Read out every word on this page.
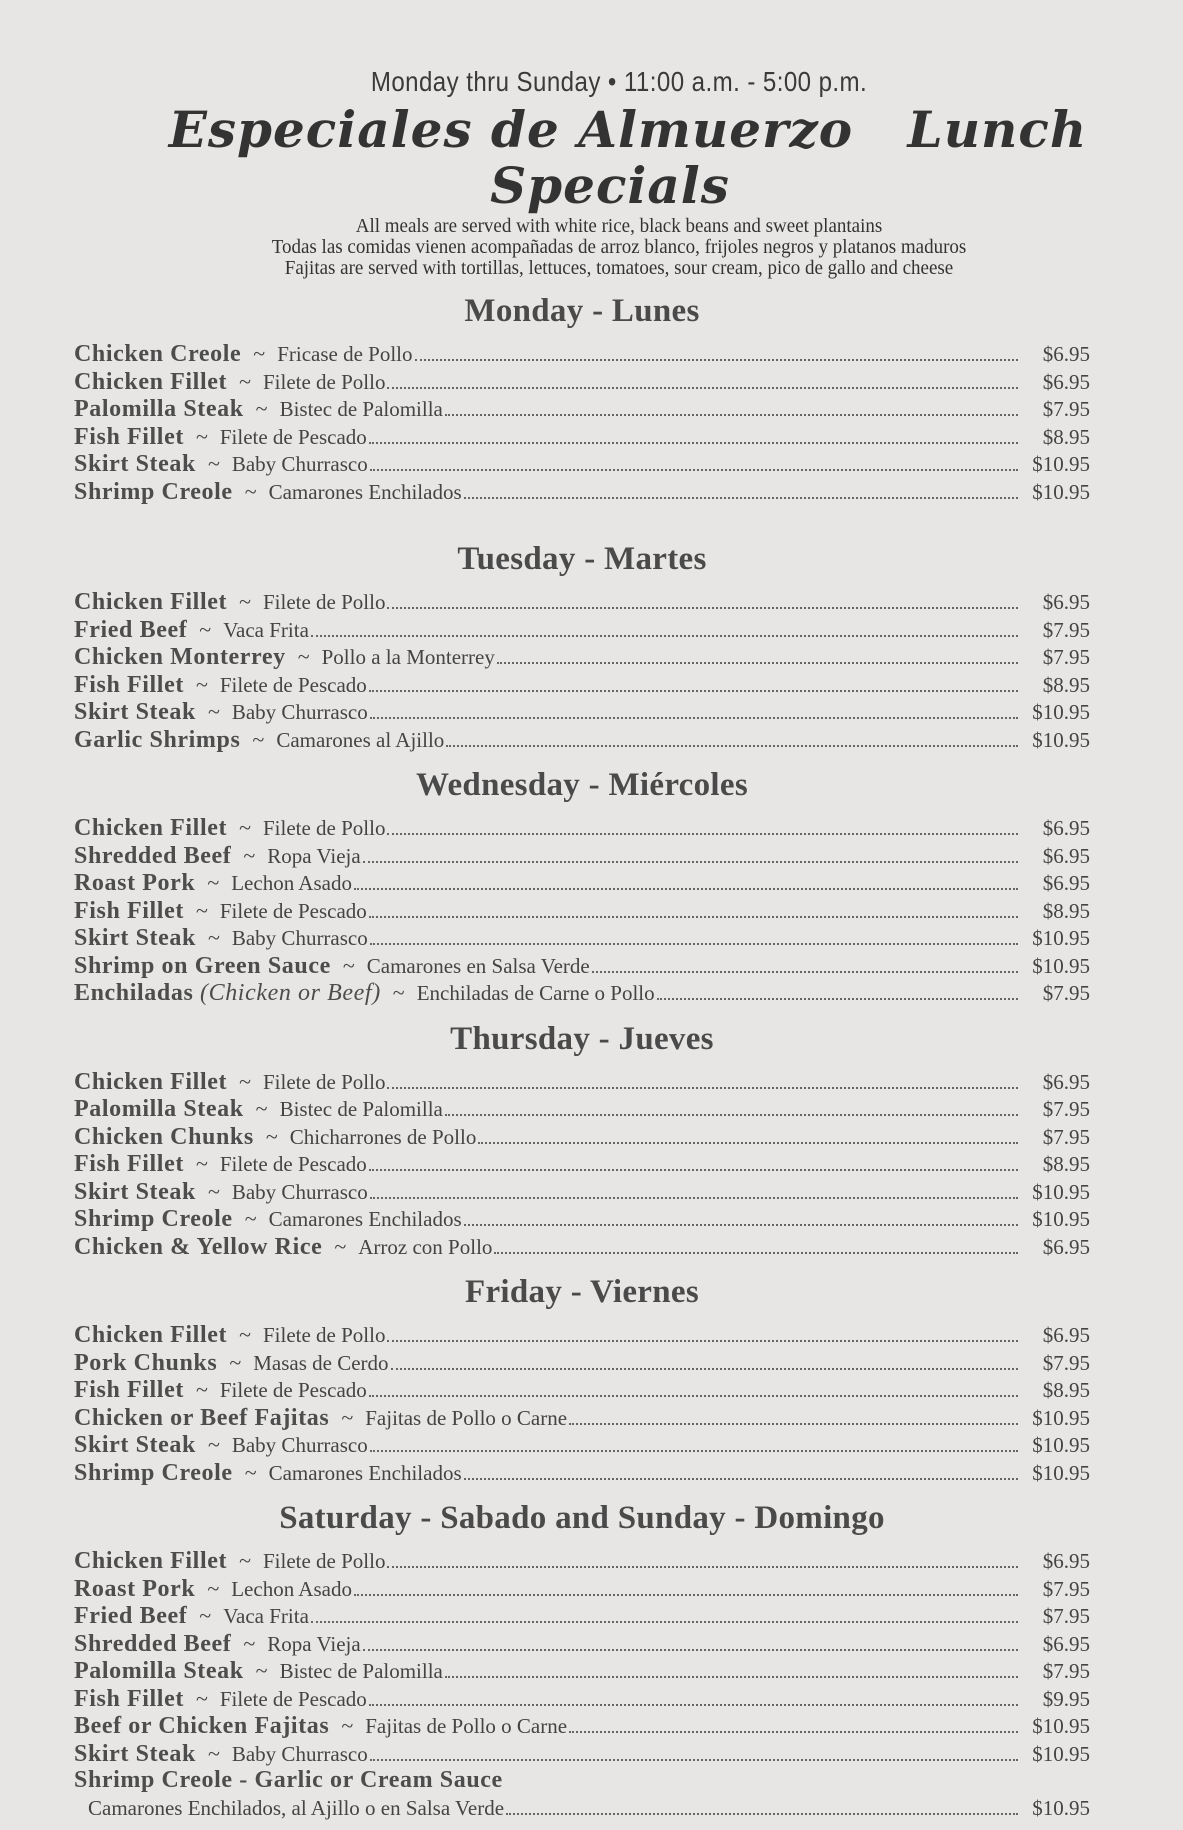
Monday thru Sunday • 11:00 a.m. - 5:00 p.m.
Especiales de Almuerzo Lunch Specials
All meals are served with white rice, black beans and sweet plantains
Todas las comidas vienen acompañadas de arroz blanco, frijoles negros y platanos maduros
Fajitas are served with tortillas, lettuces, tomatoes, sour cream, pico de gallo and cheese
Monday - Lunes
Chicken Creole ~ Fricase de Pollo	$6.95
Chicken Fillet ~ Filete de Pollo	$6.95
Palomilla Steak ~ Bistec de Palomilla	$7.95
Fish Fillet ~ Filete de Pescado	$8.95
Skirt Steak ~ Baby Churrasco	$10.95
Shrimp Creole ~ Camarones Enchilados	$10.95
Tuesday - Martes
Chicken Fillet ~ Filete de Pollo	$6.95
Fried Beef ~ Vaca Frita	$7.95
Chicken Monterrey ~ Pollo a la Monterrey	$7.95
Fish Fillet ~ Filete de Pescado	$8.95
Skirt Steak ~ Baby Churrasco	$10.95
Garlic Shrimps ~ Camarones al Ajillo	$10.95
Wednesday - Miércoles
Chicken Fillet ~ Filete de Pollo	$6.95
Shredded Beef ~ Ropa Vieja	$6.95
Roast Pork ~ Lechon Asado	$6.95
Fish Fillet ~ Filete de Pescado	$8.95
Skirt Steak ~ Baby Churrasco	$10.95
Shrimp on Green Sauce ~ Camarones en Salsa Verde	$10.95
Enchiladas (Chicken or Beef) ~ Enchiladas de Carne o Pollo	$7.95
Thursday - Jueves
Chicken Fillet ~ Filete de Pollo	$6.95
Palomilla Steak ~ Bistec de Palomilla	$7.95
Chicken Chunks ~ Chicharrones de Pollo	$7.95
Fish Fillet ~ Filete de Pescado	$8.95
Skirt Steak ~ Baby Churrasco	$10.95
Shrimp Creole ~ Camarones Enchilados	$10.95
Chicken & Yellow Rice ~ Arroz con Pollo	$6.95
Friday - Viernes
Chicken Fillet ~ Filete de Pollo	$6.95
Pork Chunks ~ Masas de Cerdo	$7.95
Fish Fillet ~ Filete de Pescado	$8.95
Chicken or Beef Fajitas ~ Fajitas de Pollo o Carne	$10.95
Skirt Steak ~ Baby Churrasco	$10.95
Shrimp Creole ~ Camarones Enchilados	$10.95
Saturday - Sabado and Sunday - Domingo
Chicken Fillet ~ Filete de Pollo	$6.95
Roast Pork ~ Lechon Asado	$7.95
Fried Beef ~ Vaca Frita	$7.95
Shredded Beef ~ Ropa Vieja	$6.95
Palomilla Steak ~ Bistec de Palomilla	$7.95
Fish Fillet ~ Filete de Pescado	$9.95
Beef or Chicken Fajitas ~ Fajitas de Pollo o Carne	$10.95
Skirt Steak ~ Baby Churrasco	$10.95
Shrimp Creole - Garlic or Cream Sauce
Camarones Enchilados, al Ajillo o en Salsa Verde	$10.95
